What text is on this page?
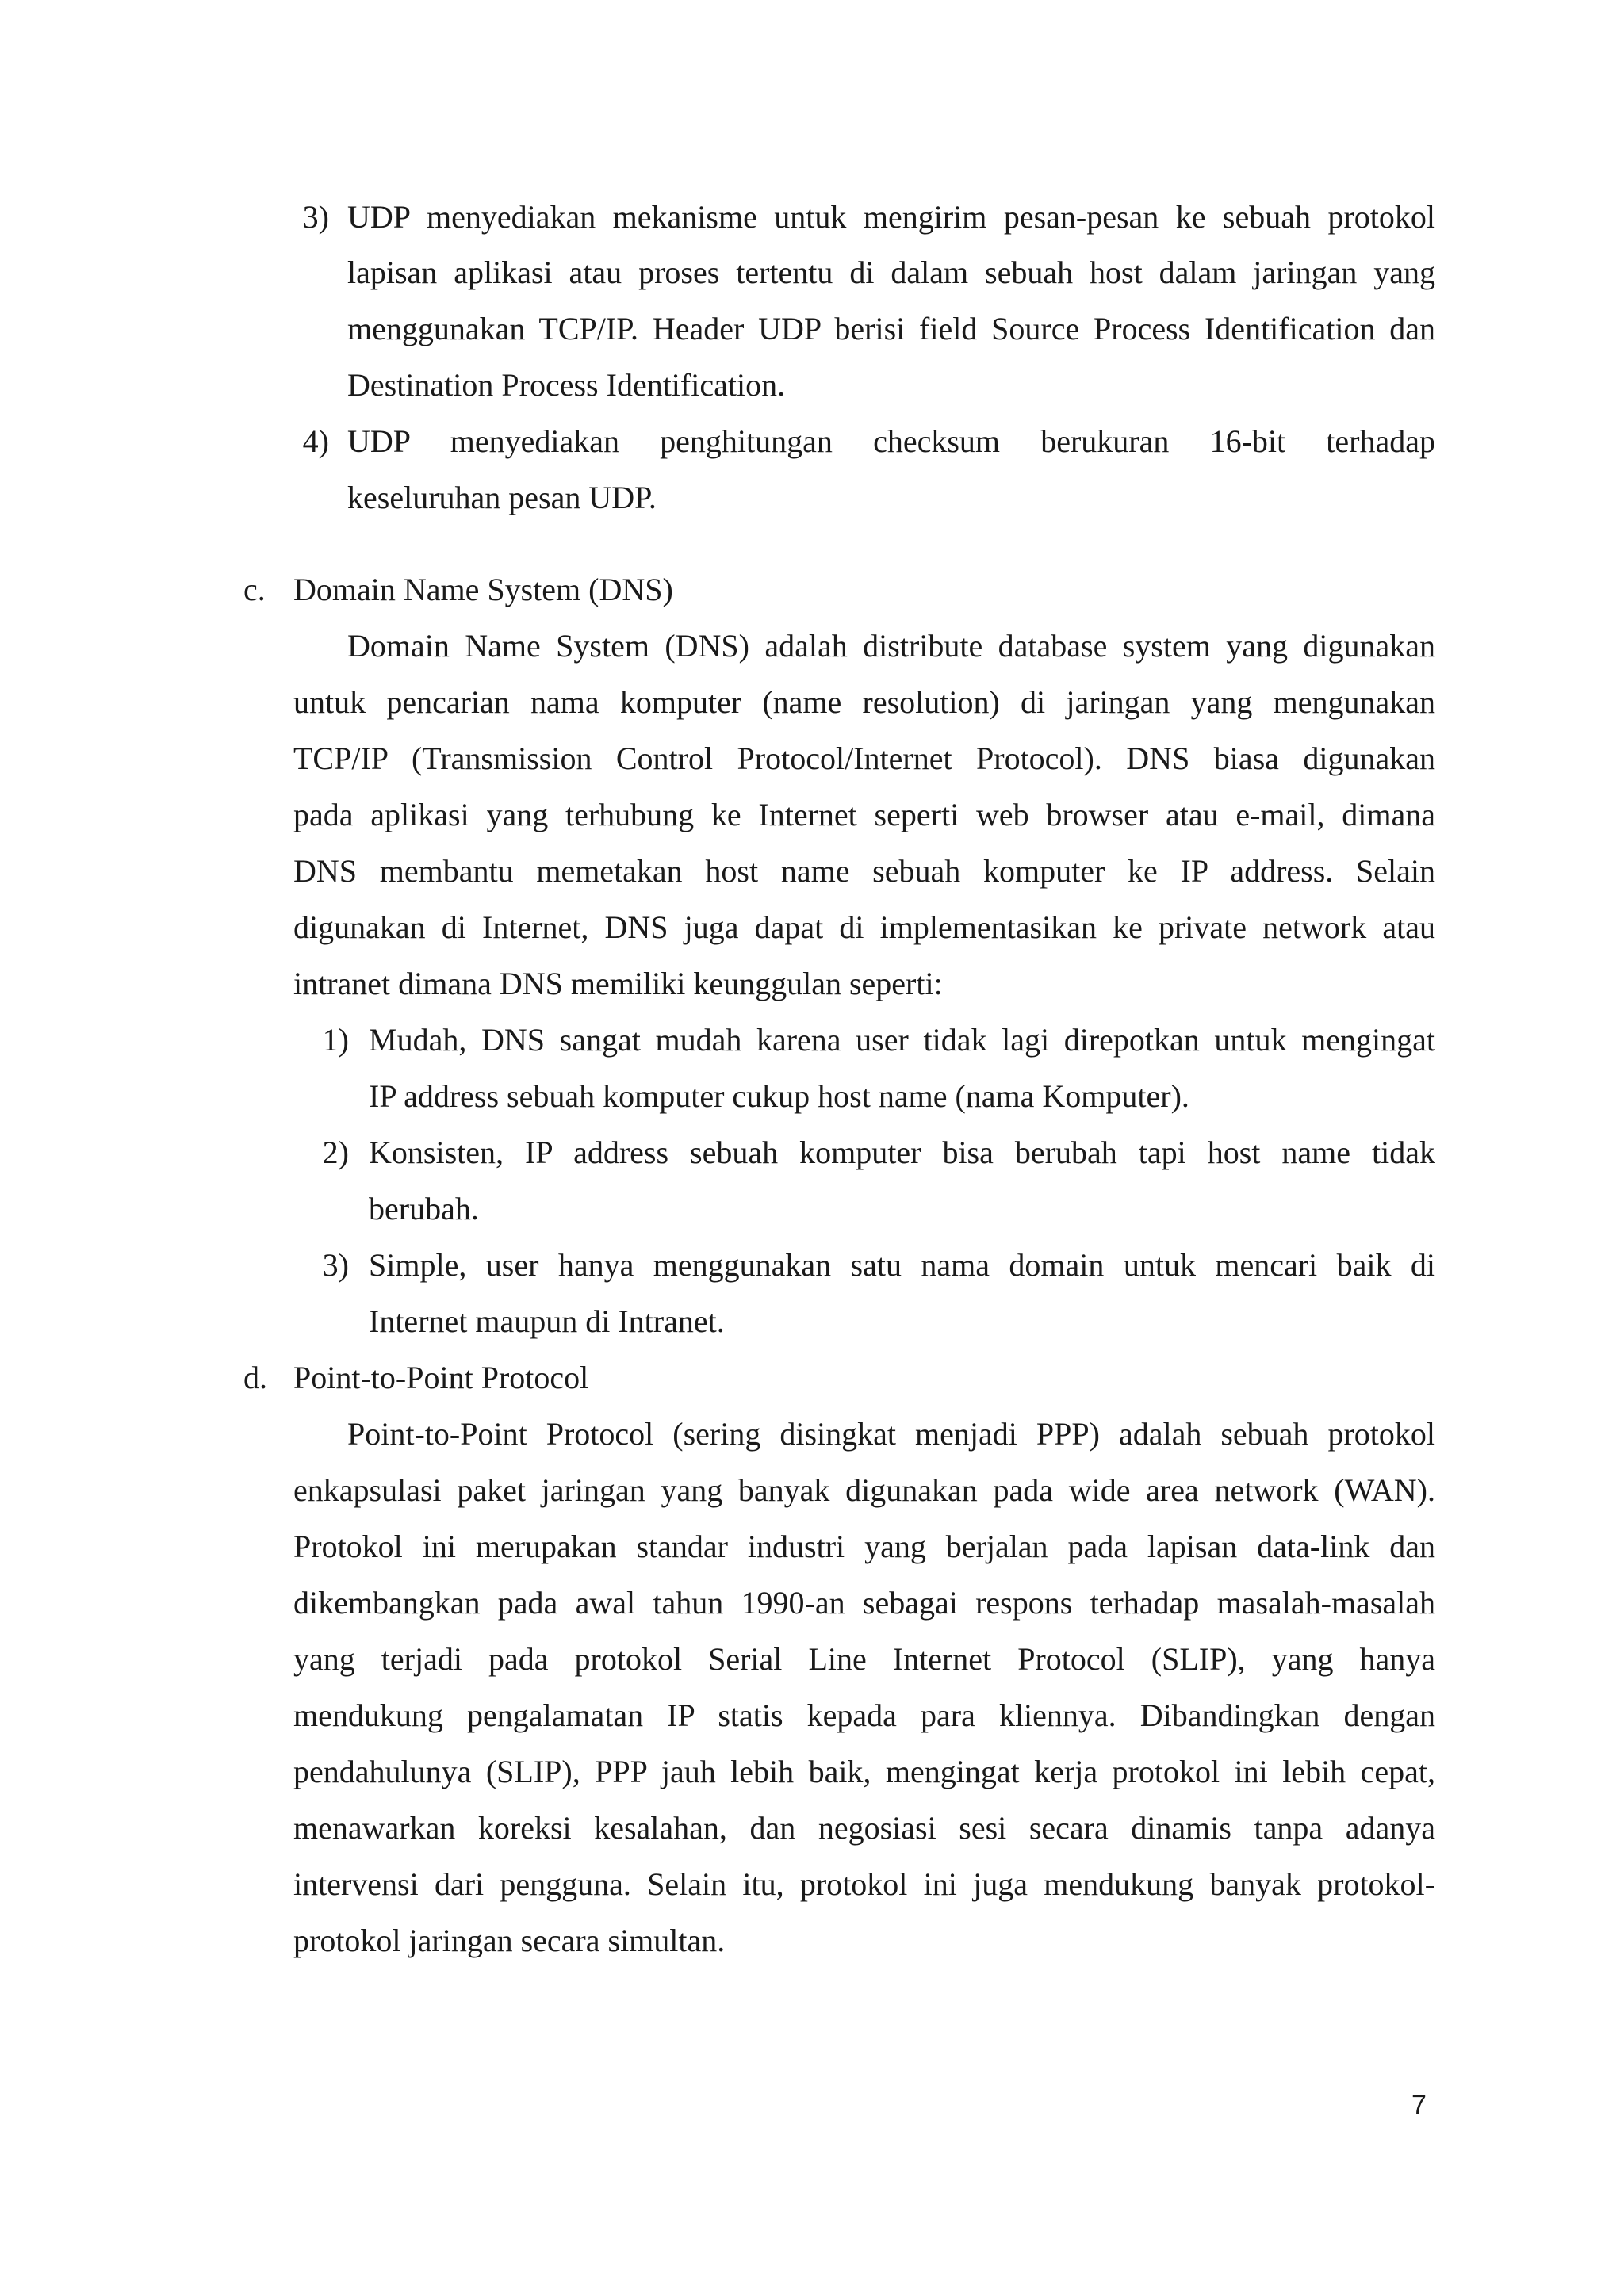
3) UDP menyediakan mekanisme untuk mengirim pesan-pesan ke sebuah protokol
lapisan aplikasi atau proses tertentu di dalam sebuah host dalam jaringan yang
menggunakan TCP/IP. Header UDP berisi field Source Process Identification dan
Destination Process Identification.
4) UDP menyediakan penghitungan checksum berukuran 16-bit terhadap
keseluruhan pesan UDP.
c. Domain Name System (DNS)
Domain Name System (DNS) adalah distribute database system yang digunakan
untuk pencarian nama komputer (name resolution) di jaringan yang mengunakan
TCP/IP (Transmission Control Protocol/Internet Protocol). DNS biasa digunakan
pada aplikasi yang terhubung ke Internet seperti web browser atau e-mail, dimana
DNS membantu memetakan host name sebuah komputer ke IP address. Selain
digunakan di Internet, DNS juga dapat di implementasikan ke private network atau
intranet dimana DNS memiliki keunggulan seperti:
1) Mudah, DNS sangat mudah karena user tidak lagi direpotkan untuk mengingat
IP address sebuah komputer cukup host name (nama Komputer).
2) Konsisten, IP address sebuah komputer bisa berubah tapi host name tidak
berubah.
3) Simple, user hanya menggunakan satu nama domain untuk mencari baik di
Internet maupun di Intranet.
d. Point-to-Point Protocol
Point-to-Point Protocol (sering disingkat menjadi PPP) adalah sebuah protokol
enkapsulasi paket jaringan yang banyak digunakan pada wide area network (WAN).
Protokol ini merupakan standar industri yang berjalan pada lapisan data-link dan
dikembangkan pada awal tahun 1990-an sebagai respons terhadap masalah-masalah
yang terjadi pada protokol Serial Line Internet Protocol (SLIP), yang hanya
mendukung pengalamatan IP statis kepada para kliennya. Dibandingkan dengan
pendahulunya (SLIP), PPP jauh lebih baik, mengingat kerja protokol ini lebih cepat,
menawarkan koreksi kesalahan, dan negosiasi sesi secara dinamis tanpa adanya
intervensi dari pengguna. Selain itu, protokol ini juga mendukung banyak protokol-
protokol jaringan secara simultan.
7
